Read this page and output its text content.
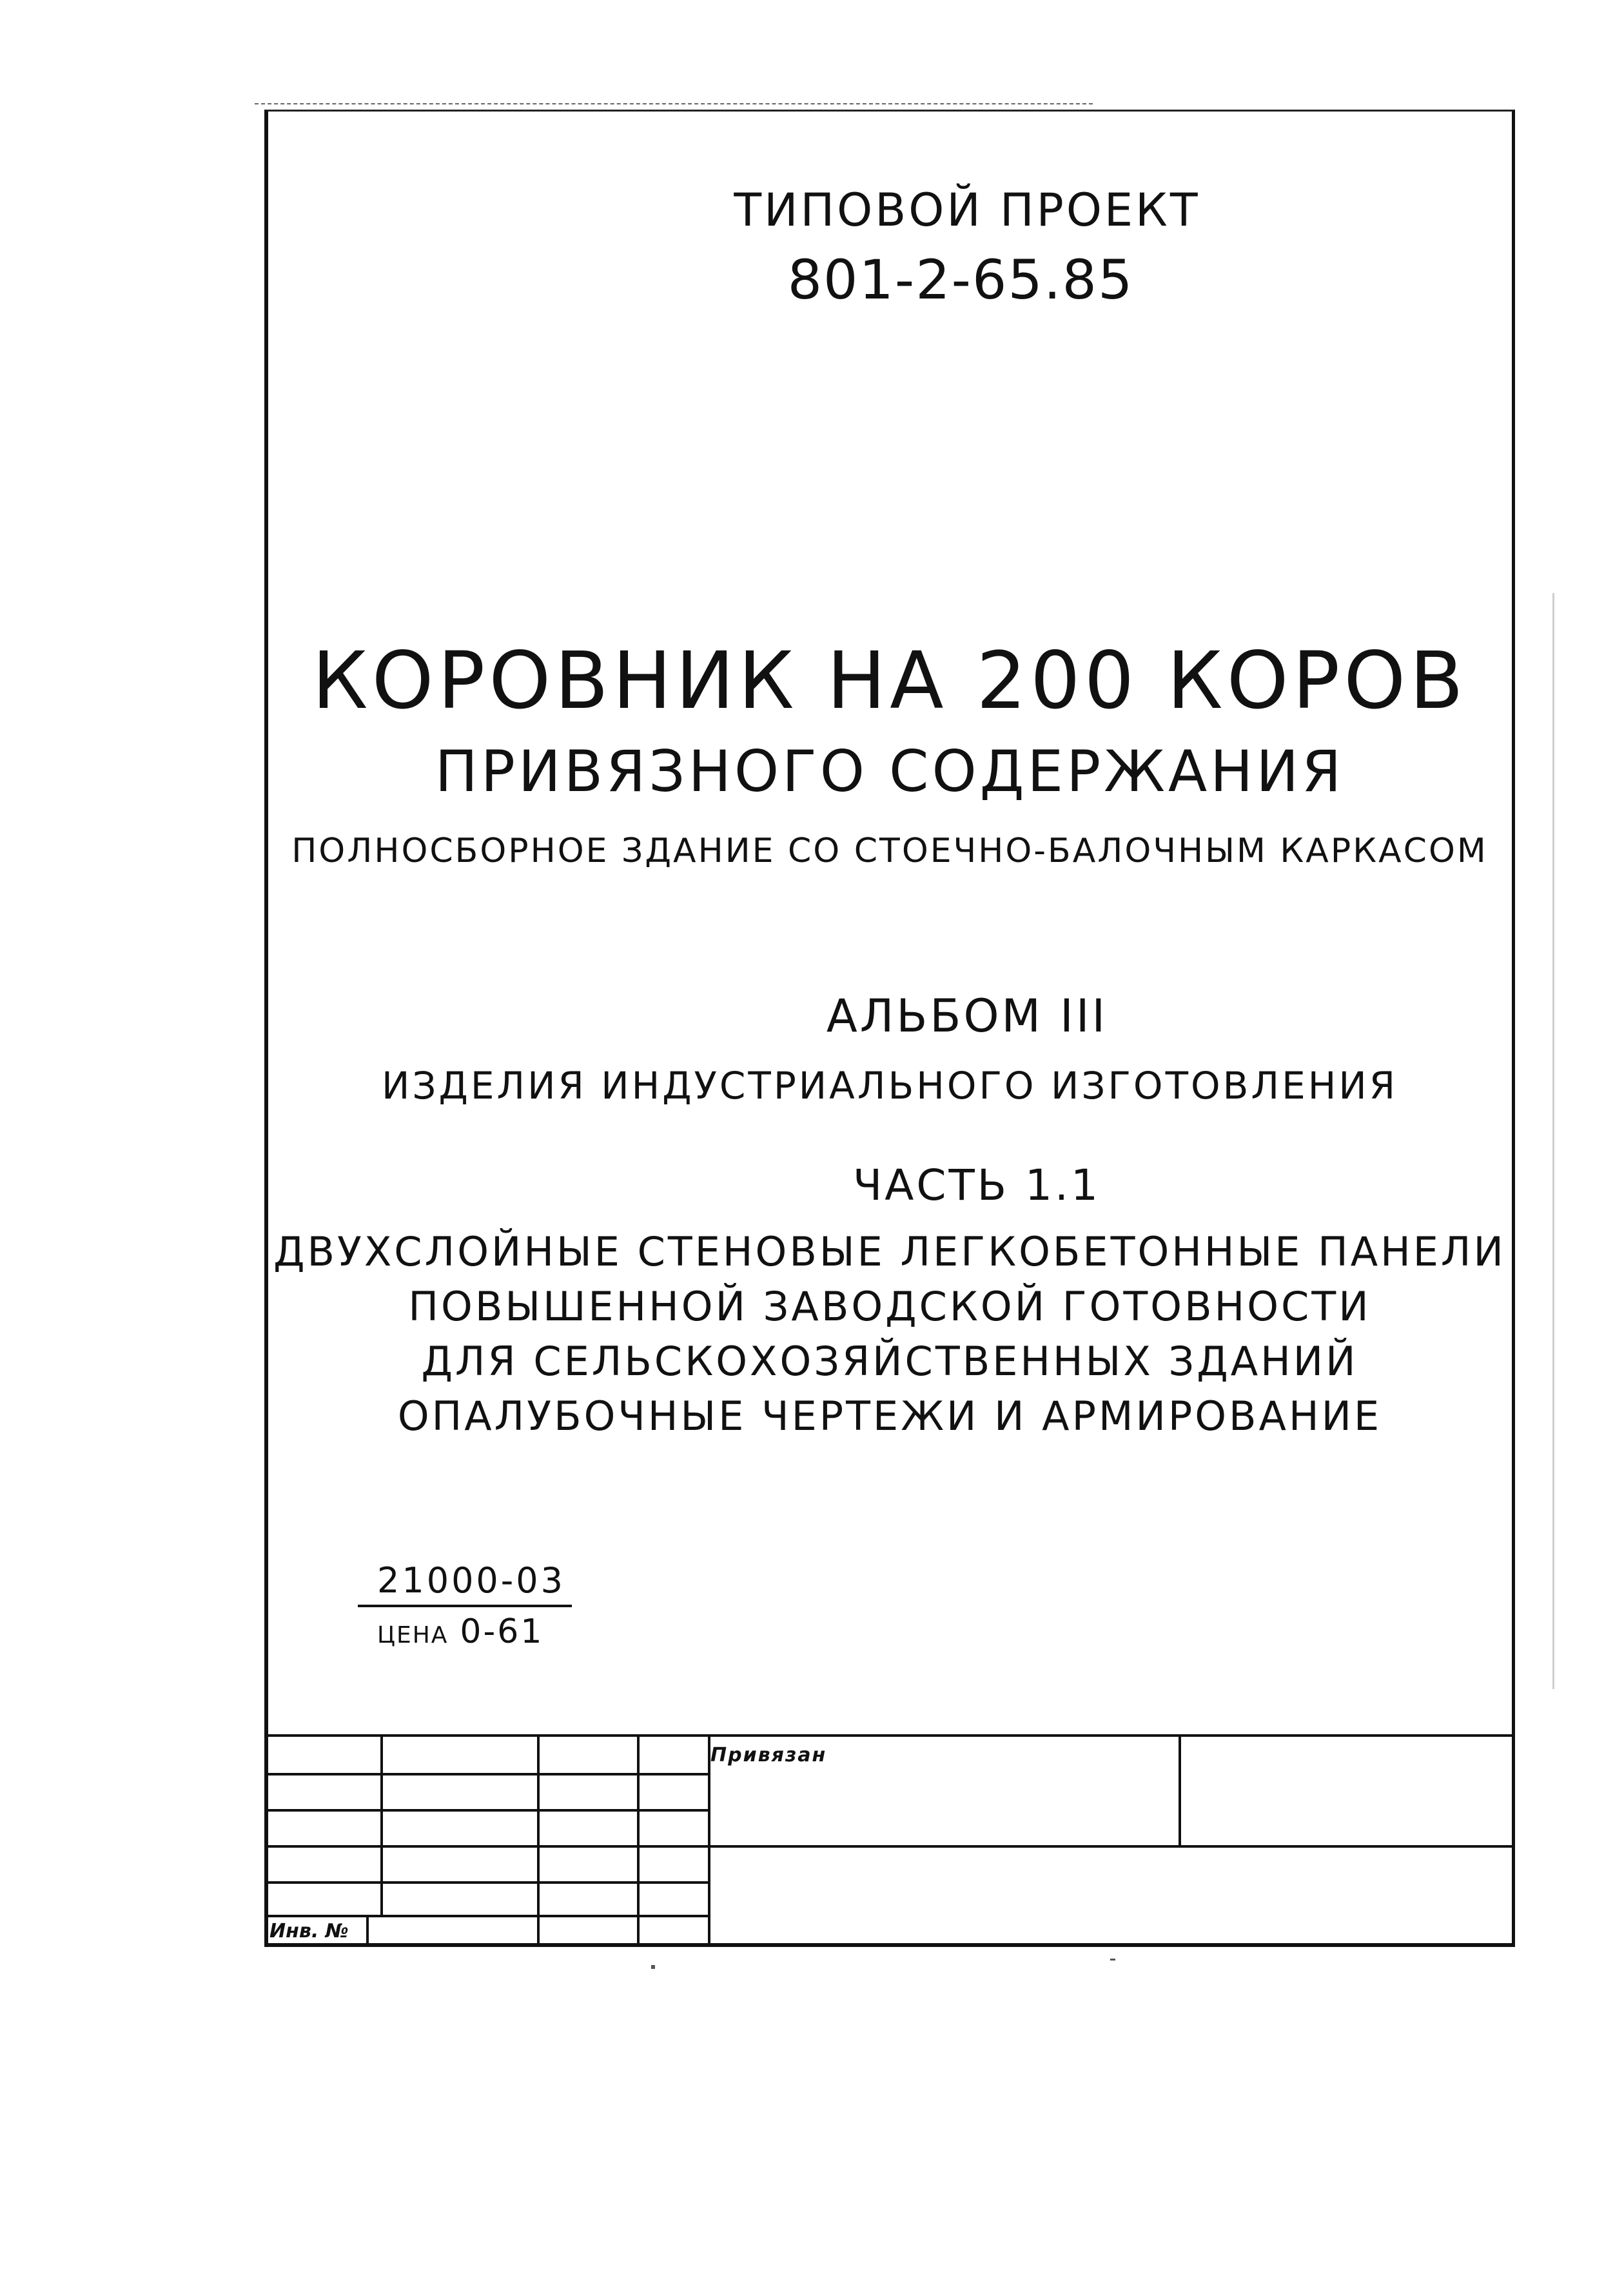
ТИПОВОЙ ПРОЕКТ
801-2-65.85
КОРОВНИК НА 200 КОРОВ
ПРИВЯЗНОГО СОДЕРЖАНИЯ
ПОЛНОСБОРНОЕ ЗДАНИЕ СО СТОЕЧНО-БАЛОЧНЫМ КАРКАСОМ
АЛЬБОМ III
ИЗДЕЛИЯ ИНДУСТРИАЛЬНОГО ИЗГОТОВЛЕНИЯ
ЧАСТЬ 1.1
ДВУХСЛОЙНЫЕ СТЕНОВЫЕ ЛЕГКОБЕТОННЫЕ ПАНЕЛИ
ПОВЫШЕННОЙ ЗАВОДСКОЙ ГОТОВНОСТИ
ДЛЯ СЕЛЬСКОХОЗЯЙСТВЕННЫХ ЗДАНИЙ
ОПАЛУБОЧНЫЕ ЧЕРТЕЖИ И АРМИРОВАНИЕ
21000-03
ЦЕНА 0-61
Привязан
Инв. №
